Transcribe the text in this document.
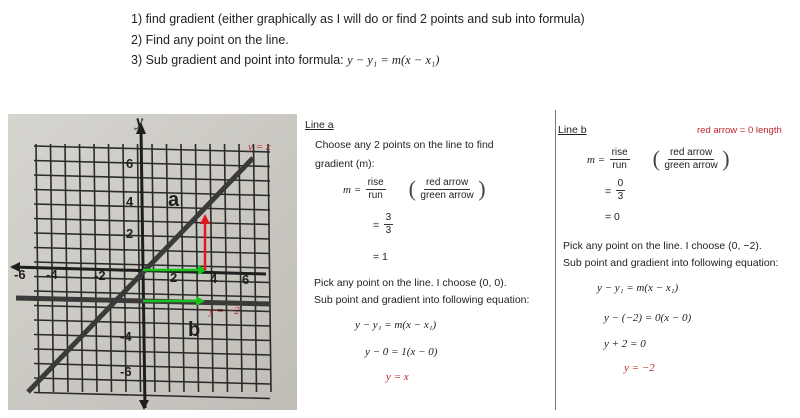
1) find gradient (either graphically as I will do or find 2 points and sub into formula)
2) Find any point on the line.
3) Sub gradient and point into formula: y − y₁ = m(x − x₁)
y
y = x
y = −2
a
b
-6 -4	-2	2	4 6
6
4
2
-4
-6
Line a
Choose any 2 points on the line to find
gradient (m):
$m = \frac{\text{rise}}{\text{run}}$ ( $\frac{\text{red arrow}}{\text{green arrow}}$ )
= $\frac{3}{3}$
= 1
Pick any point on the line. I choose (0, 0).
Sub point and gradient into following equation:
y − y₁ = m(x − x₁)
y − 0 = 1(x − 0)
y = x
Line b	red arrow = 0 length
$m = \frac{\text{rise}}{\text{run}}$ ( $\frac{\text{red arrow}}{\text{green arrow}}$ )
= $\frac{0}{3}$
= 0
Pick any point on the line. I choose (0, −2).
Sub point and gradient into following equation:
y − y₁ = m(x − x₁)
y − (−2) = 0(x − 0)
y + 2 = 0
y = −2
